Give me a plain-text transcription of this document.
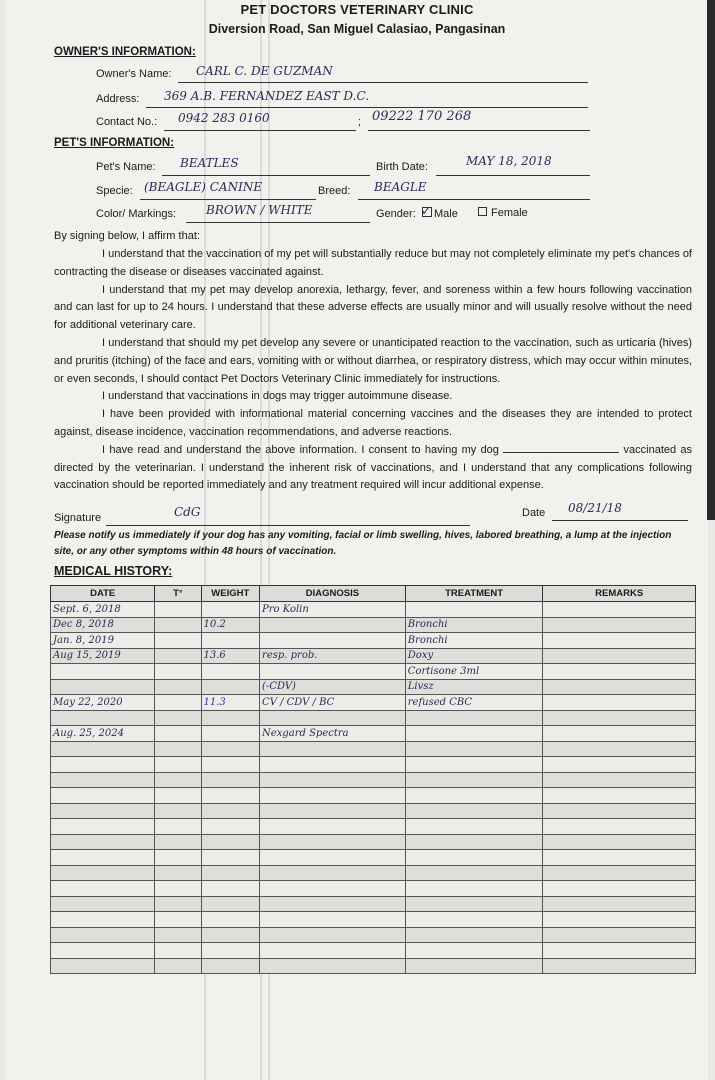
PET DOCTORS VETERINARY CLINIC
Diversion Road, San Miguel Calasiao, Pangasinan
OWNER'S INFORMATION:
Owner's Name: CARL C. DE GUZMAN
Address: 369 A.B. FERNANDEZ EAST D.C.
Contact No.: 0942 283 0160	; 09222 170 268
PET'S INFORMATION:
Pet's Name: BEATLES	Birth Date:	MAY 18, 2018
Specie: (BEAGLE) CANINE	Breed: BEAGLE
Color/ Markings: BROWN / WHITE	Gender: ✓ Male	Female
By signing below, I affirm that:
I understand that the vaccination of my pet will substantially reduce but may not completely eliminate my pet's chances of contracting the disease or diseases vaccinated against.
I understand that my pet may develop anorexia, lethargy, fever, and soreness within a few hours following vaccination and can last for up to 24 hours. I understand that these adverse effects are usually minor and will usually resolve without the need for additional veterinary care.
I understand that should my pet develop any severe or unanticipated reaction to the vaccination, such as urticaria (hives) and pruritis (itching) of the face and ears, vomiting with or without diarrhea, or respiratory distress, which may occur within minutes, or even seconds, I should contact Pet Doctors Veterinary Clinic immediately for instructions.
I understand that vaccinations in dogs may trigger autoimmune disease.
I have been provided with informational material concerning vaccines and the diseases they are intended to protect against, disease incidence, vaccination recommendations, and adverse reactions.
I have read and understand the above information. I consent to having my dog	vaccinated as directed by the veterinarian. I understand the inherent risk of vaccinations, and I understand that any complications following vaccination should be reported immediately and any treatment required will incur additional expense.
Signature	CdG	Date 08/21/18
Please notify us immediately if your dog has any vomiting, facial or limb swelling, hives, labored breathing, a lump at the injection site, or any other symptoms within 48 hours of vaccination.
MEDICAL HISTORY:
DATE	T°	WEIGHT	DIAGNOSIS	TREATMENT	REMARKS
Sept. 6, 2018			Pro Kolin		
Dec 8, 2018		10.2		Bronchi	
Jan. 8, 2019				Bronchi	
Aug 15, 2019		13.6	resp. prob.	Doxy	
				Cortisone 3ml	
			(-CDV)	Livsz	
May 22, 2020		11.3	CV / CDV / BC	refused CBC	

Aug. 25, 2024			Nexgard Spectra		
